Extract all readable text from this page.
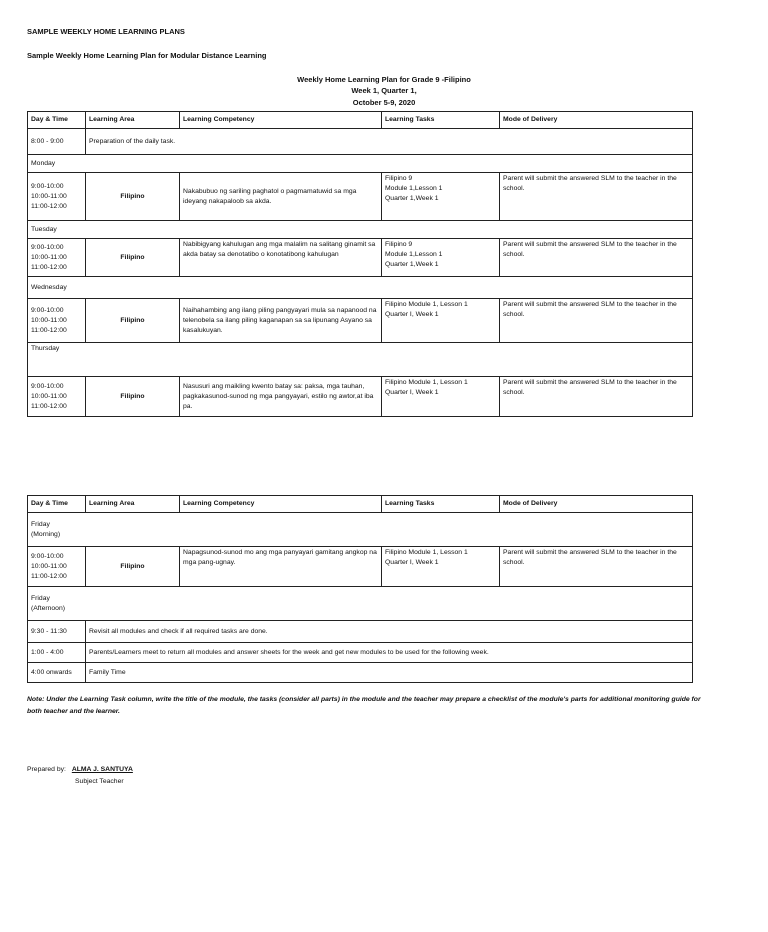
SAMPLE WEEKLY HOME LEARNING PLANS
Sample Weekly Home Learning Plan for Modular Distance Learning
Weekly Home Learning Plan for Grade 9 -Filipino
Week 1, Quarter 1,
October 5-9, 2020
Day & Time	Learning Area	Learning Competency	Learning Tasks	Mode of Delivery
8:00 - 9:00	Preparation of the daily task.			
Monday				
9:00-10:00
10:00-11:00
11:00-12:00	Filipino	Nakabubuo ng sariling paghatol o pagmamatuwid sa mga ideyang nakapaloob sa akda.	Filipino 9
Module 1,Lesson 1
Quarter 1,Week 1	Parent will submit the answered SLM to the teacher in the school.
Tuesday				
9:00-10:00
10:00-11:00
11:00-12:00	Filipino	Nabibigyang kahulugan ang mga malalim na salitang ginamit sa akda batay sa denotatibo o konotatibong kahulugan	Filipino 9
Module 1,Lesson 1
Quarter 1,Week 1	Parent will submit the answered SLM to the teacher in the school.
Wednesday				
9:00-10:00
10:00-11:00
11:00-12:00	Filipino	Naihahambing ang ilang piling pangyayari mula sa napanood na telenobela sa ilang piling kaganapan sa sa lipunang Asyano sa kasalukuyan.	Filipino Module 1, Lesson 1
Quarter I, Week 1	Parent will submit the answered SLM to the teacher in the school.
Thursday				
9:00-10:00
10:00-11:00
11:00-12:00	Filipino	Nasusuri ang maikling kwento batay sa: paksa, mga tauhan, pagkakasunod-sunod ng mga pangyayari, estilo ng awtor,at iba pa.	Filipino Module 1, Lesson 1
Quarter I, Week 1	Parent will submit the answered SLM to the teacher in the school.
Day & Time	Learning Area	Learning Competency	Learning Tasks	Mode of Delivery
Friday
(Morning)				
9:00-10:00
10:00-11:00
11:00-12:00	Filipino	Napagsunod-sunod mo ang mga panyayari gamitang angkop na mga pang-ugnay.	Filipino Module 1, Lesson 1
Quarter I, Week 1	Parent will submit the answered SLM to the teacher in the school.
Friday
(Afternoon)				
9:30 - 11:30	Revisit all modules and check if all required tasks are done.			
1:00 - 4:00	Parents/Learners meet to return all modules and answer sheets for the week and get new modules to be used for the following week.			
4:00 onwards	Family Time			
Note: Under the Learning Task column, write the title of the module, the tasks (consider all parts) in the module and the teacher may prepare a checklist of the module's parts for additional monitoring guide for both teacher and the learner.
Prepared by: ALMA J. SANTUYA
Subject Teacher
